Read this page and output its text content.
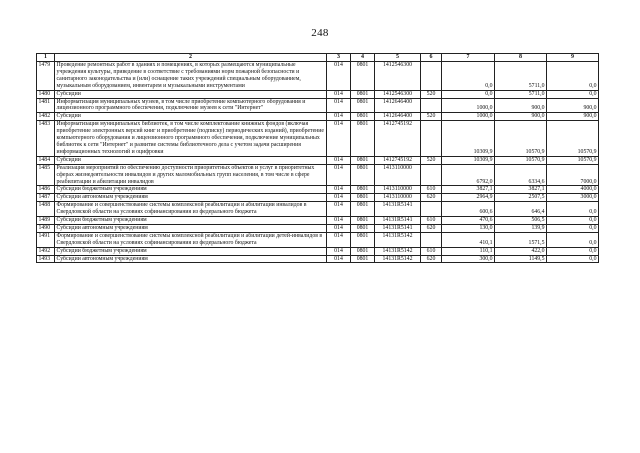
248
1	2	3	4	5	6	7	8	9
1479	Проведение ремонтных работ в зданиях и помещениях, в которых размещаются муниципальные учреждения культуры, приведение в соответствие с требованиями норм пожарной безопасности и санитарного законодательства и (или) оснащение таких учреждений специальным оборудованием, музыкальным оборудованием, инвентарем и музыкальными инструментами	014	0801	1412546300		0,0	5711,0	0,0
1480	Субсидии	014	0801	1412546300	520	0,0	5711,0	0,0
1481	Информатизация муниципальных музеев, в том числе приобретение компьютерного оборудования и лицензионного программного обеспечения, подключение музеев к сети "Интернет"	014	0801	1412646400		1000,0	900,0	900,0
1482	Субсидии	014	0801	1412646400	520	1000,0	900,0	900,0
1483	Информатизация муниципальных библиотек, в том числе комплектование книжных фондов (включая приобретение электронных версий книг и приобретение (подписку) периодических изданий), приобретение компьютерного оборудования и лицензионного программного обеспечения, подключение муниципальных библиотек к сети "Интернет" и развитие системы библиотечного дела с учетом задачи расширения информационных технологий и оцифровки	014	0801	1412745192		10309,9	10570,9	10570,9
1484	Субсидии	014	0801	1412745192	520	10309,9	10570,9	10570,9
1485	Реализация мероприятий по обеспечению доступности приоритетных объектов и услуг в приоритетных сферах жизнедеятельности инвалидов и других маломобильных групп населения, в том числе в сфере реабилитации и абилитации инвалидов	014	0801	1413110000		6792,0	6334,6	7000,0
1486	Субсидии бюджетным учреждениям	014	0801	1413110000	610	3827,1	3827,1	4000,0
1487	Субсидии автономным учреждениям	014	0801	1413110000	620	2964,9	2507,5	3000,0
1488	Формирование и совершенствование системы комплексной реабилитации и абилитации инвалидов в Свердловской области на условиях софинансирования из федерального бюджета	014	0801	14131R5141		600,6	646,4	0,0
1489	Субсидии бюджетным учреждениям	014	0801	14131R5141	610	470,6	506,5	0,0
1490	Субсидии автономным учреждениям	014	0801	14131R5141	620	130,0	139,9	0,0
1491	Формирование и совершенствование системы комплексной реабилитации и абилитации детей-инвалидов в Свердловской области на условиях софинансирования из федерального бюджета	014	0801	14131R5142		410,1	1571,5	0,0
1492	Субсидии бюджетным учреждениям	014	0801	14131R5142	610	110,1	422,0	0,0
1493	Субсидии автономным учреждениям	014	0801	14131R5142	620	300,0	1149,5	0,0
